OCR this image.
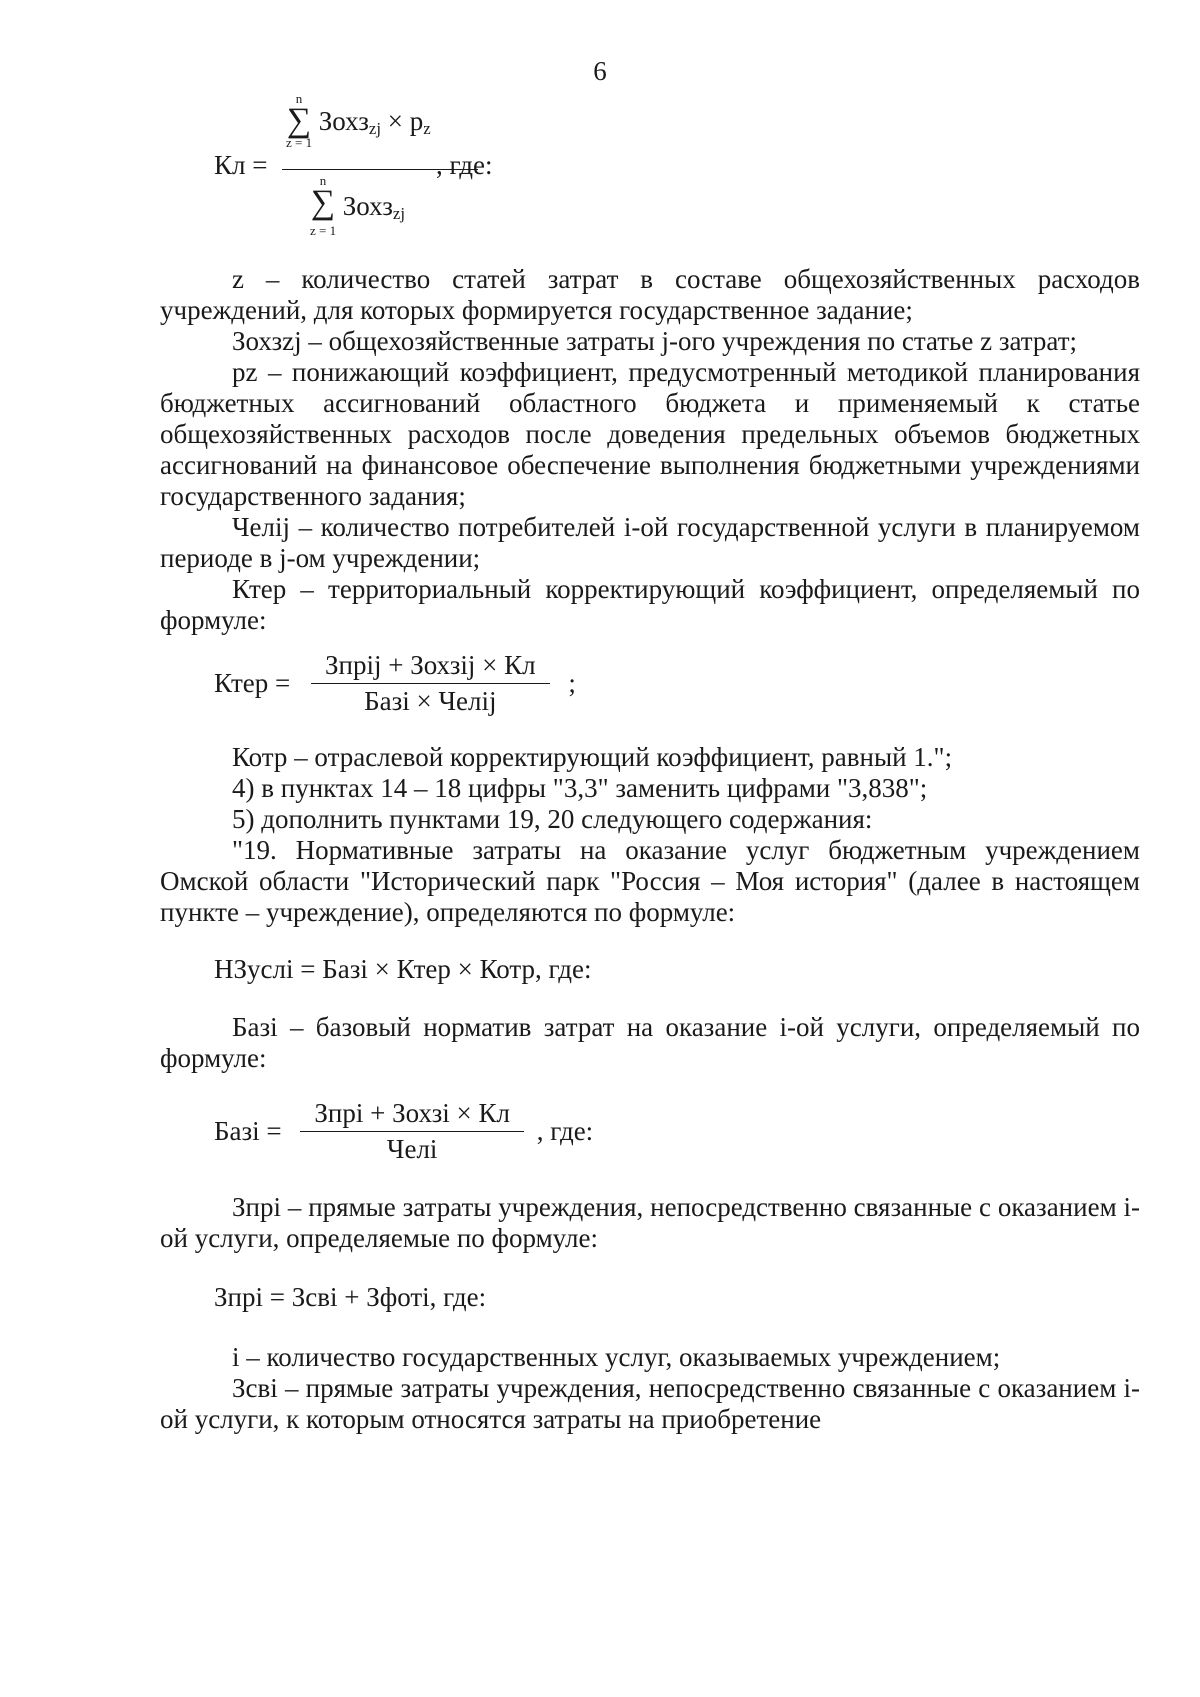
6
Кл =
n
∑
z = 1
Зохз$_{zj}$ × $p_z$
, где:
n
∑
z = 1
Зохз$_{zj}$

z – количество статей затрат в составе общехозяйственных расходов учреждений, для которых формируется государственное задание;

Зохзzj – общехозяйственные затраты j-ого учреждения по статье z затрат;

pz – понижающий коэффициент, предусмотренный методикой планирования бюджетных ассигнований областного бюджета и применяемый к статье общехозяйственных расходов после доведения предельных объемов бюджетных ассигнований на финансовое обеспечение выполнения бюджетными учреждениями государственного задания;

Челij – количество потребителей i-ой государственной услуги в планируемом периоде в j-ом учреждении;

Ктер – территориальный корректирующий коэффициент, определяемый по формуле:

Ктер = $\frac{\text{Зпрij + Зохзij × Кл}}{\text{Базi × Челij}}$ ;

Котр – отраслевой корректирующий коэффициент, равный 1.";

4) в пунктах 14 – 18 цифры "3,3" заменить цифрами "3,838";

5) дополнить пунктами 19, 20 следующего содержания:

"19. Нормативные затраты на оказание услуг бюджетным учреждением Омской области "Исторический парк "Россия – Моя история" (далее в настоящем пункте – учреждение), определяются по формуле:

НЗуслi = Базi × Ктер × Котр, где:

Базi – базовый норматив затрат на оказание i-ой услуги, определяемый по формуле:

Базi = $\frac{\text{Зпрi + Зохзi × Кл}}{\text{Челi}}$ , где:

Зпрi – прямые затраты учреждения, непосредственно связанные с оказанием i-ой услуги, определяемые по формуле:

Зпрi = Зсвi + Зфотi, где:

i – количество государственных услуг, оказываемых учреждением;

Зсвi – прямые затраты учреждения, непосредственно связанные с оказанием i-ой услуги, к которым относятся затраты на приобретение
